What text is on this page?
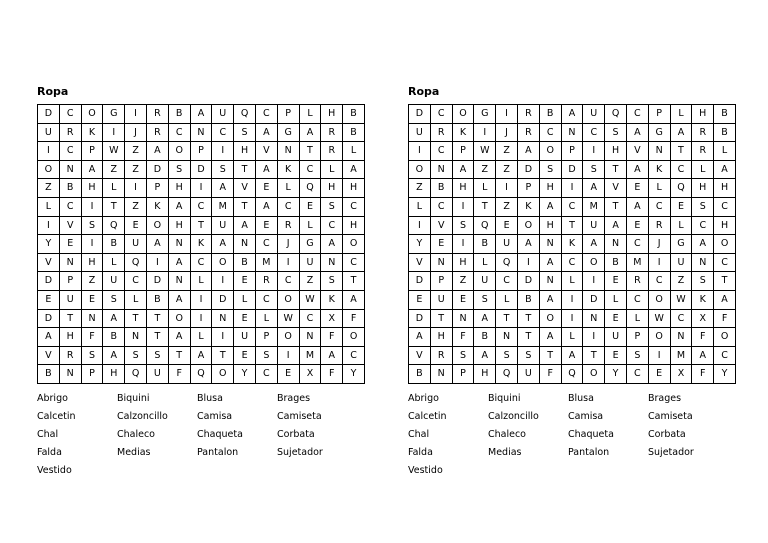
Ropa
D	C	O	G	I	R	B	A	U	Q	C	P	L	H	B
U	R	K	I	J	R	C	N	C	S	A	G	A	R	B
I	C	P	W	Z	A	O	P	I	H	V	N	T	R	L
O	N	A	Z	Z	D	S	D	S	T	A	K	C	L	A
Z	B	H	L	I	P	H	I	A	V	E	L	Q	H	H
L	C	I	T	Z	K	A	C	M	T	A	C	E	S	C
I	V	S	Q	E	O	H	T	U	A	E	R	L	C	H
Y	E	I	B	U	A	N	K	A	N	C	J	G	A	O
V	N	H	L	Q	I	A	C	O	B	M	I	U	N	C
D	P	Z	U	C	D	N	L	I	E	R	C	Z	S	T
E	U	E	S	L	B	A	I	D	L	C	O	W	K	A
D	T	N	A	T	T	O	I	N	E	L	W	C	X	F
A	H	F	B	N	T	A	L	I	U	P	O	N	F	O
V	R	S	A	S	S	T	A	T	E	S	I	M	A	C
B	N	P	H	Q	U	F	Q	O	Y	C	E	X	F	Y
Abrigo	Biquini	Blusa	Brages
Calcetin	Calzoncillo	Camisa	Camiseta
Chal	Chaleco	Chaqueta	Corbata
Falda	Medias	Pantalon	Sujetador
Vestido
Ropa
D	C	O	G	I	R	B	A	U	Q	C	P	L	H	B
U	R	K	I	J	R	C	N	C	S	A	G	A	R	B
I	C	P	W	Z	A	O	P	I	H	V	N	T	R	L
O	N	A	Z	Z	D	S	D	S	T	A	K	C	L	A
Z	B	H	L	I	P	H	I	A	V	E	L	Q	H	H
L	C	I	T	Z	K	A	C	M	T	A	C	E	S	C
I	V	S	Q	E	O	H	T	U	A	E	R	L	C	H
Y	E	I	B	U	A	N	K	A	N	C	J	G	A	O
V	N	H	L	Q	I	A	C	O	B	M	I	U	N	C
D	P	Z	U	C	D	N	L	I	E	R	C	Z	S	T
E	U	E	S	L	B	A	I	D	L	C	O	W	K	A
D	T	N	A	T	T	O	I	N	E	L	W	C	X	F
A	H	F	B	N	T	A	L	I	U	P	O	N	F	O
V	R	S	A	S	S	T	A	T	E	S	I	M	A	C
B	N	P	H	Q	U	F	Q	O	Y	C	E	X	F	Y
Abrigo	Biquini	Blusa	Brages
Calcetin	Calzoncillo	Camisa	Camiseta
Chal	Chaleco	Chaqueta	Corbata
Falda	Medias	Pantalon	Sujetador
Vestido
